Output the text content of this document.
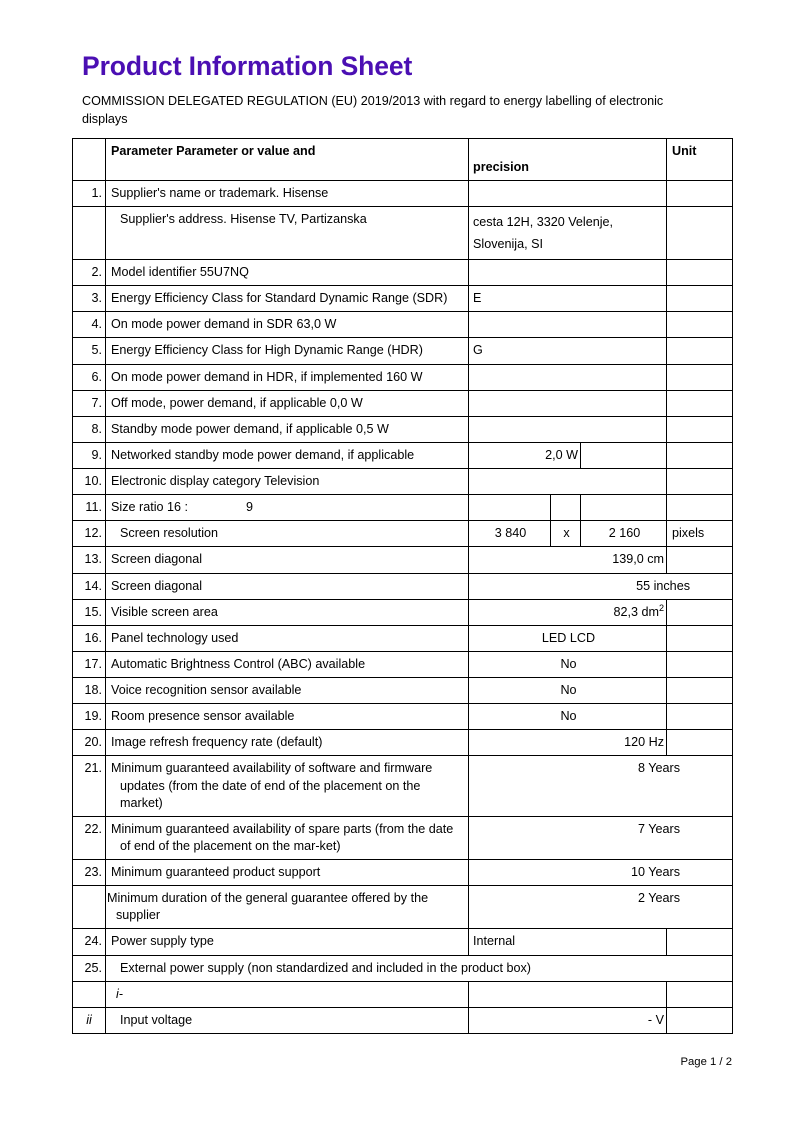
Product Information Sheet

COMMISSION DELEGATED REGULATION (EU) 2019/2013 with regard to energy labelling of electronic displays

	Parameter Parameter or value and	precision			Unit

1.	Supplier's name or trademark. Hisense				

	Supplier's address. Hisense TV, Partizanska	cesta 12H, 3320 Velenje, Slovenija, SI			

2.	Model identifier 55U7NQ				

3.	Energy Efficiency Class for Standard Dynamic Range (SDR)	E			

4.	On mode power demand in SDR 63,0 W				

5.	Energy Efficiency Class for High Dynamic Range (HDR)	G			

6.	On mode power demand in HDR, if implemented 160 W				

7.	Off mode, power demand, if applicable 0,0 W				

8.	Standby mode power demand, if applicable 0,5 W				

9.	Networked standby mode power demand, if applicable	2,0 W			

10.	Electronic display category Television				

11.	Size ratio 16 : 9				

12.	Screen resolution	3 840	x	2 160	pixels

13.	Screen diagonal	139,0 cm			

14.	Screen diagonal	55 inches			

15.	Visible screen area	82,3 $dm^2$

16.	Panel technology used	LED LCD			

17.	Automatic Brightness Control (ABC) available	No			

18.	Voice recognition sensor available	No			

19.	Room presence sensor available	No			

20.	Image refresh frequency rate (default)	120 Hz			

21.	Minimum guaranteed availability of software and firmware updates (from the date of end of the placement on the market)	8 Years			

22.	Minimum guaranteed availability of spare parts (from the date of end of the placement on the mar-ket)	7 Years			

23.	Minimum guaranteed product support	10 Years			

	Minimum duration of the general guarantee offered by the supplier	2 Years			

24.	Power supply type	Internal			

25.	External power supply (non standardized and included in the product box)				

	i-				

ii	Input voltage	- V			

Page 1 / 2
